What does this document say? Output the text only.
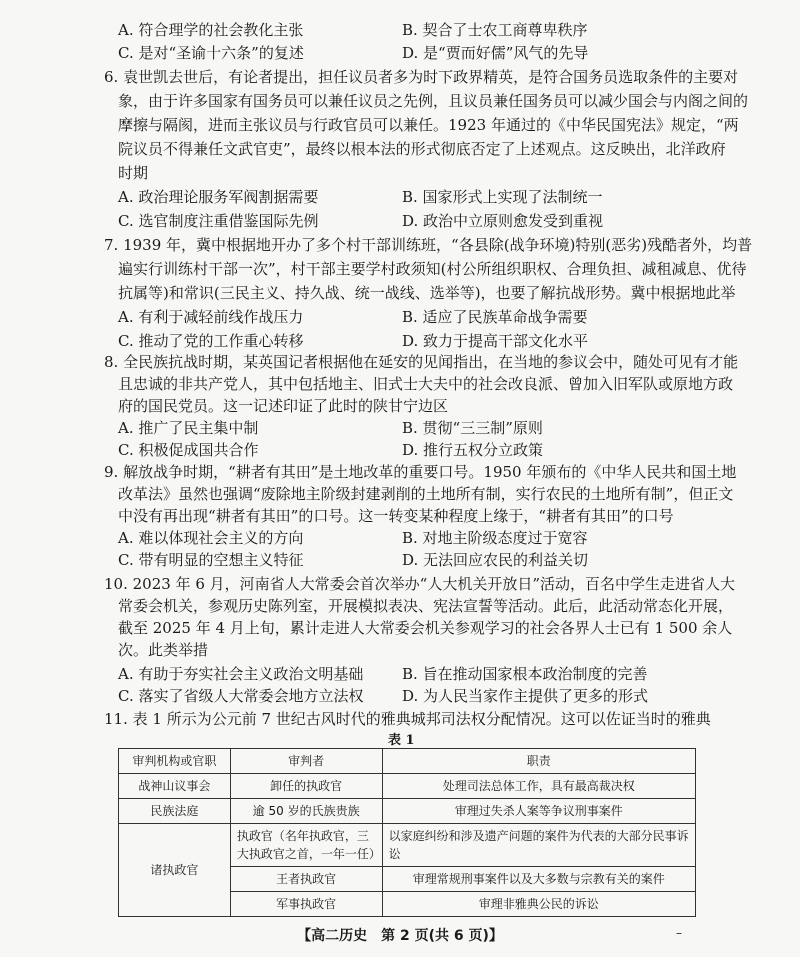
A. 符合理学的社会教化主张	B. 契合了士农工商尊卑秩序
C. 是对“圣谕十六条”的复述	D. 是“贾而好儒”风气的先导
6. 袁世凯去世后，有论者提出，担任议员者多为时下政界精英，是符合国务员选取条件的主要对
象，由于许多国家有国务员可以兼任议员之先例，且议员兼任国务员可以减少国会与内阁之间的
摩擦与隔阂，进而主张议员与行政官员可以兼任。1923 年通过的《中华民国宪法》规定，“两
院议员不得兼任文武官吏”，最终以根本法的形式彻底否定了上述观点。这反映出，北洋政府
时期
A. 政治理论服务军阀割据需要	B. 国家形式上实现了法制统一
C. 选官制度注重借鉴国际先例	D. 政治中立原则愈发受到重视
7. 1939 年，冀中根据地开办了多个村干部训练班，“各县除(战争环境)特别(恶劣)残酷者外，均普
遍实行训练村干部一次”，村干部主要学村政须知(村公所组织职权、合理负担、减租减息、优待
抗属等)和常识(三民主义、持久战、统一战线、选举等)，也要了解抗战形势。冀中根据地此举
A. 有利于减轻前线作战压力	B. 适应了民族革命战争需要
C. 推动了党的工作重心转移	D. 致力于提高干部文化水平
8. 全民族抗战时期，某英国记者根据他在延安的见闻指出，在当地的参议会中，随处可见有才能
且忠诚的非共产党人，其中包括地主、旧式士大夫中的社会改良派、曾加入旧军队或原地方政
府的国民党员。这一记述印证了此时的陕甘宁边区
A. 推广了民主集中制	B. 贯彻“三三制”原则
C. 积极促成国共合作	D. 推行五权分立政策
9. 解放战争时期，“耕者有其田”是土地改革的重要口号。1950 年颁布的《中华人民共和国土地
改革法》虽然也强调“废除地主阶级封建剥削的土地所有制，实行农民的土地所有制”，但正文
中没有再出现“耕者有其田”的口号。这一转变某种程度上缘于，“耕者有其田”的口号
A. 难以体现社会主义的方向	B. 对地主阶级态度过于宽容
C. 带有明显的空想主义特征	D. 无法回应农民的利益关切
10. 2023 年 6 月，河南省人大常委会首次举办“人大机关开放日”活动，百名中学生走进省人大
常委会机关，参观历史陈列室，开展模拟表决、宪法宣誓等活动。此后，此活动常态化开展，
截至 2025 年 4 月上旬，累计走进人大常委会机关参观学习的社会各界人士已有 1 500 余人
次。此类举措
A. 有助于夯实社会主义政治文明基础	B. 旨在推动国家根本政治制度的完善
C. 落实了省级人大常委会地方立法权	D. 为人民当家作主提供了更多的形式
11. 表 1 所示为公元前 7 世纪古风时代的雅典城邦司法权分配情况。这可以佐证当时的雅典
表 1
审判机构或官职	审判者	职责
战神山议事会	卸任的执政官	处理司法总体工作，具有最高裁决权
民族法庭	逾 50 岁的氏族贵族	审理过失杀人案等争议刑事案件
诸执政官	执政官（名年执政官，三大执政官之首，一年一任）	以家庭纠纷和涉及遗产问题的案件为代表的大部分民事诉讼
	王者执政官	审理常规刑事案件以及大多数与宗教有关的案件
	军事执政官	审理非雅典公民的诉讼
【高二历史　第 2 页(共 6 页)】	–
